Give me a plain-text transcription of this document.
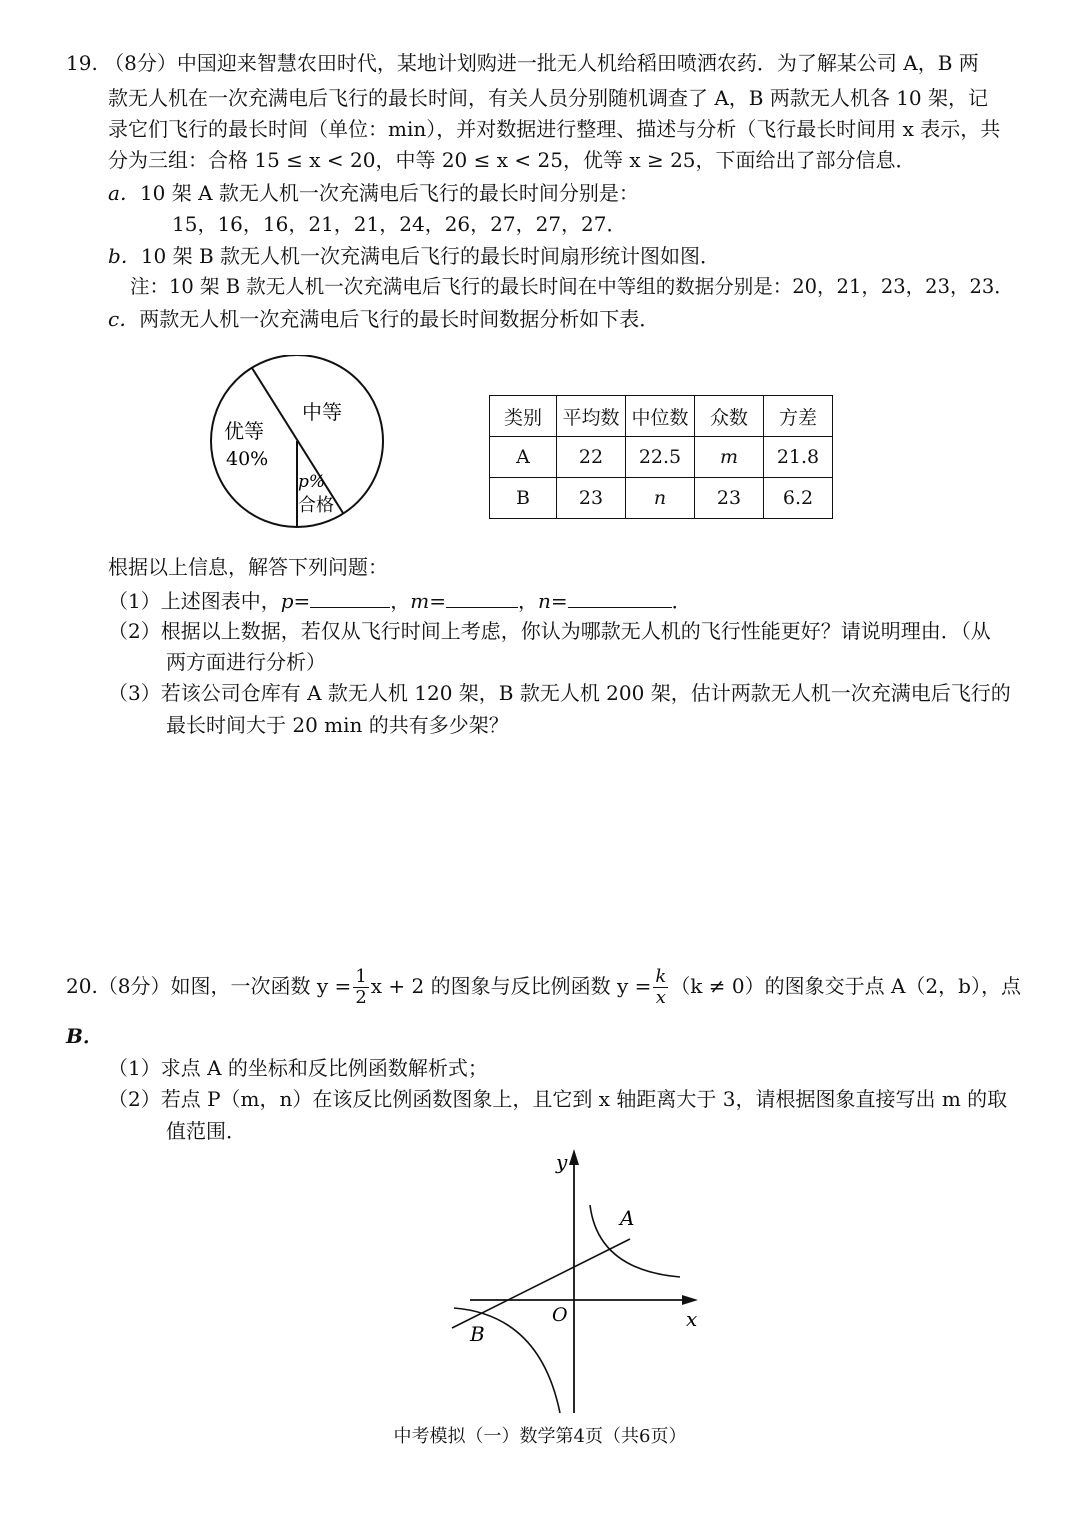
19. （8分）中国迎来智慧农田时代，某地计划购进一批无人机给稻田喷洒农药．为了解某公司 A，B 两
款无人机在一次充满电后飞行的最长时间，有关人员分别随机调查了 A，B 两款无人机各 10 架，记
录它们飞行的最长时间（单位：min），并对数据进行整理、描述与分析（飞行最长时间用 x 表示，共
分为三组：合格 15 ≤ x < 20，中等 20 ≤ x < 25，优等 x ≥ 25，下面给出了部分信息．
a．10 架 A 款无人机一次充满电后飞行的最长时间分别是：
15，16，16，21，21，24，26，27，27，27．
b．10 架 B 款无人机一次充满电后飞行的最长时间扇形统计图如图．
注：10 架 B 款无人机一次充满电后飞行的最长时间在中等组的数据分别是：20，21，23，23，23．
c．两款无人机一次充满电后飞行的最长时间数据分析如下表．
中等
优等
40%
p%
合格
类别	平均数	中位数	众数	方差
A	22	22.5	m	21.8
B	23	n	23	6.2
根据以上信息，解答下列问题：
（1）上述图表中，p=	，m=	，n=	．
（2）根据以上数据，若仅从飞行时间上考虑，你认为哪款无人机的飞行性能更好？请说明理由．（从
两方面进行分析）
（3）若该公司仓库有 A 款无人机 120 架，B 款无人机 200 架，估计两款无人机一次充满电后飞行的
最长时间大于 20 min 的共有多少架？
20.（8分）如图，一次函数 $y = \frac{1}{2}$ x + 2 的图象与反比例函数 $y = \frac{k}{x} (k \ne 0)$的图象交于点 A（2，b），点
B．
（1）求点 A 的坐标和反比例函数解析式；
（2）若点 P（m，n）在该反比例函数图象上，且它到 x 轴距离大于 3，请根据图象直接写出 m 的取
值范围．
y
x
O
A
B
中考模拟（一）数学第4页（共6页）
